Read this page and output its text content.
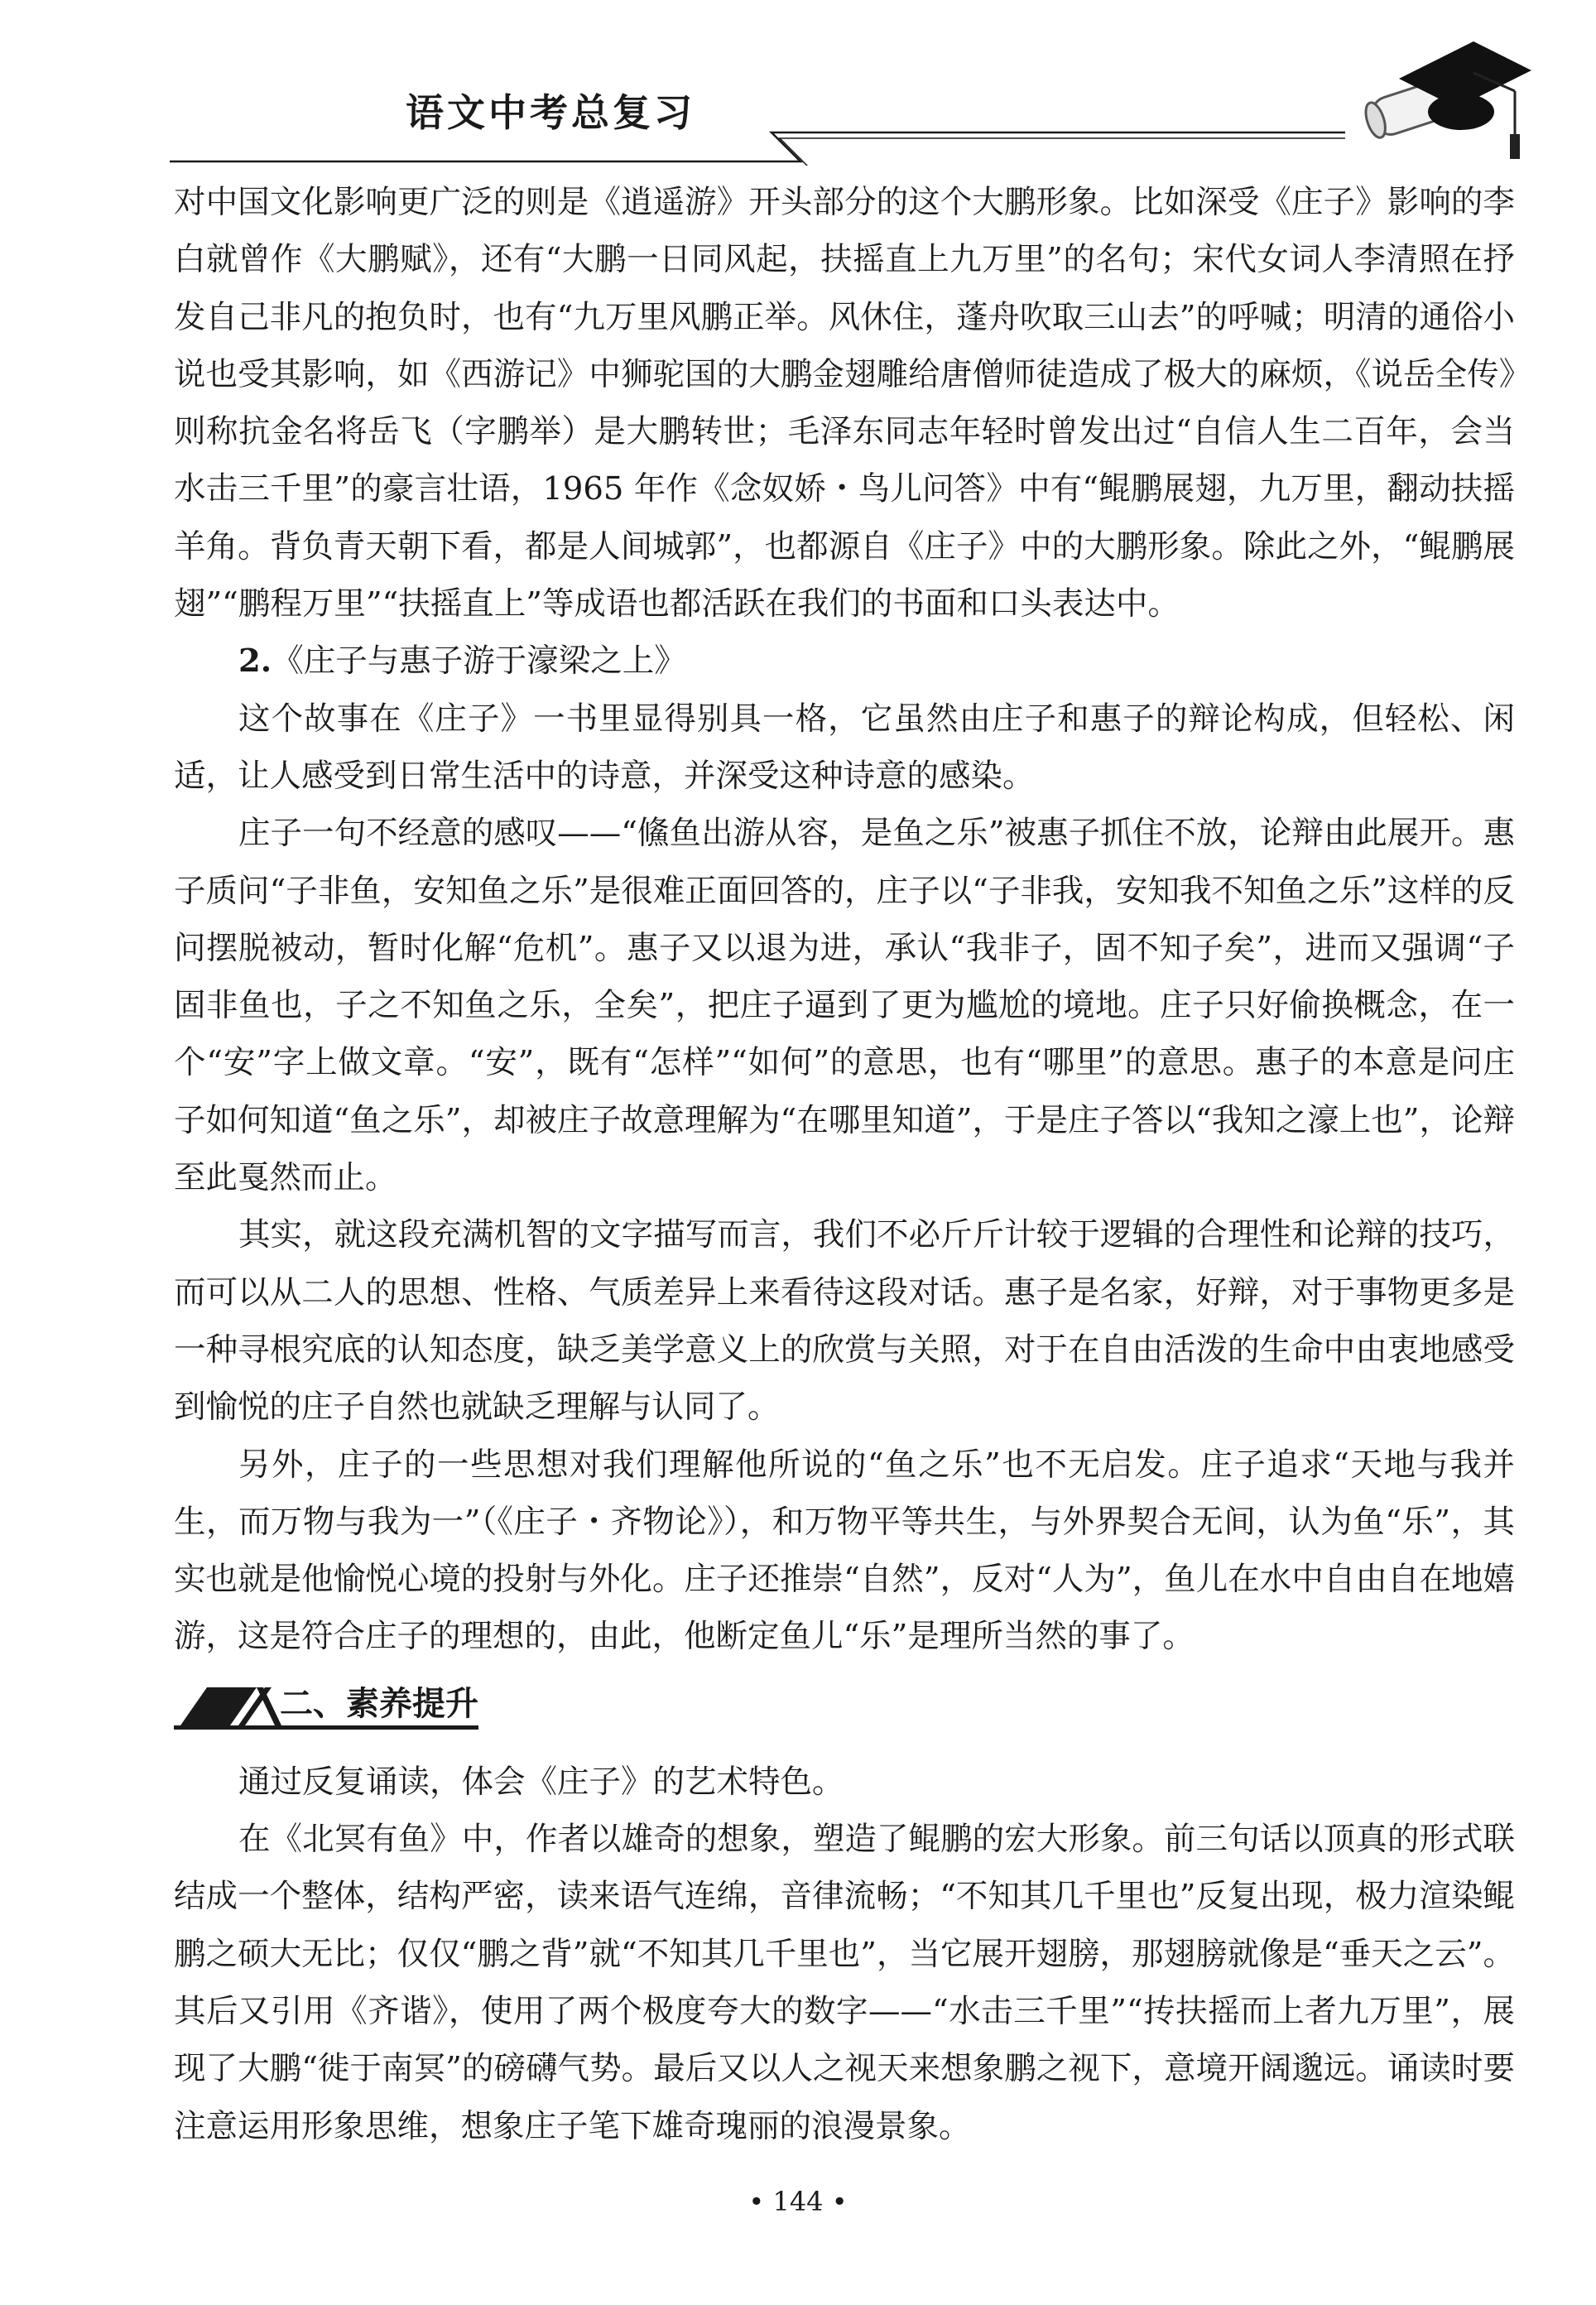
语文中考总复习

对中国文化影响更广泛的则是《逍遥游》开头部分的这个大鹏形象。比如深受《庄子》影响的李白就曾作《大鹏赋》，还有“大鹏一日同风起，扶摇直上九万里”的名句；宋代女词人李清照在抒发自己非凡的抱负时，也有“九万里风鹏正举。风休住，蓬舟吹取三山去”的呼喊；明清的通俗小说也受其影响，如《西游记》中狮驼国的大鹏金翅雕给唐僧师徒造成了极大的麻烦，《说岳全传》则称抗金名将岳飞（字鹏举）是大鹏转世；毛泽东同志年轻时曾发出过“自信人生二百年，会当水击三千里”的豪言壮语，1965 年作《念奴娇・鸟儿问答》中有“鲲鹏展翅，九万里，翻动扶摇羊角。背负青天朝下看，都是人间城郭”，也都源自《庄子》中的大鹏形象。除此之外，“鲲鹏展翅”“鹏程万里”“扶摇直上”等成语也都活跃在我们的书面和口头表达中。

2.《庄子与惠子游于濠梁之上》

这个故事在《庄子》一书里显得别具一格，它虽然由庄子和惠子的辩论构成，但轻松、闲适，让人感受到日常生活中的诗意，并深受这种诗意的感染。

庄子一句不经意的感叹——“鯈鱼出游从容，是鱼之乐”被惠子抓住不放，论辩由此展开。惠子质问“子非鱼，安知鱼之乐”是很难正面回答的，庄子以“子非我，安知我不知鱼之乐”这样的反问摆脱被动，暂时化解“危机”。惠子又以退为进，承认“我非子，固不知子矣”，进而又强调“子固非鱼也，子之不知鱼之乐，全矣”，把庄子逼到了更为尴尬的境地。庄子只好偷换概念，在一个“安”字上做文章。“安”，既有“怎样”“如何”的意思，也有“哪里”的意思。惠子的本意是问庄子如何知道“鱼之乐”，却被庄子故意理解为“在哪里知道”，于是庄子答以“我知之濠上也”，论辩至此戛然而止。

其实，就这段充满机智的文字描写而言，我们不必斤斤计较于逻辑的合理性和论辩的技巧，而可以从二人的思想、性格、气质差异上来看待这段对话。惠子是名家，好辩，对于事物更多是一种寻根究底的认知态度，缺乏美学意义上的欣赏与关照，对于在自由活泼的生命中由衷地感受到愉悦的庄子自然也就缺乏理解与认同了。

另外，庄子的一些思想对我们理解他所说的“鱼之乐”也不无启发。庄子追求“天地与我并生，而万物与我为一”（《庄子・齐物论》），和万物平等共生，与外界契合无间，认为鱼“乐”，其实也就是他愉悦心境的投射与外化。庄子还推崇“自然”，反对“人为”，鱼儿在水中自由自在地嬉游，这是符合庄子的理想的，由此，他断定鱼儿“乐”是理所当然的事了。

二、素养提升

通过反复诵读，体会《庄子》的艺术特色。

在《北冥有鱼》中，作者以雄奇的想象，塑造了鲲鹏的宏大形象。前三句话以顶真的形式联结成一个整体，结构严密，读来语气连绵，音律流畅；“不知其几千里也”反复出现，极力渲染鲲鹏之硕大无比；仅仅“鹏之背”就“不知其几千里也”，当它展开翅膀，那翅膀就像是“垂天之云”。其后又引用《齐谐》，使用了两个极度夸大的数字——“水击三千里”“抟扶摇而上者九万里”，展现了大鹏“徙于南冥”的磅礴气势。最后又以人之视天来想象鹏之视下，意境开阔邈远。诵读时要注意运用形象思维，想象庄子笔下雄奇瑰丽的浪漫景象。

• 144 •
